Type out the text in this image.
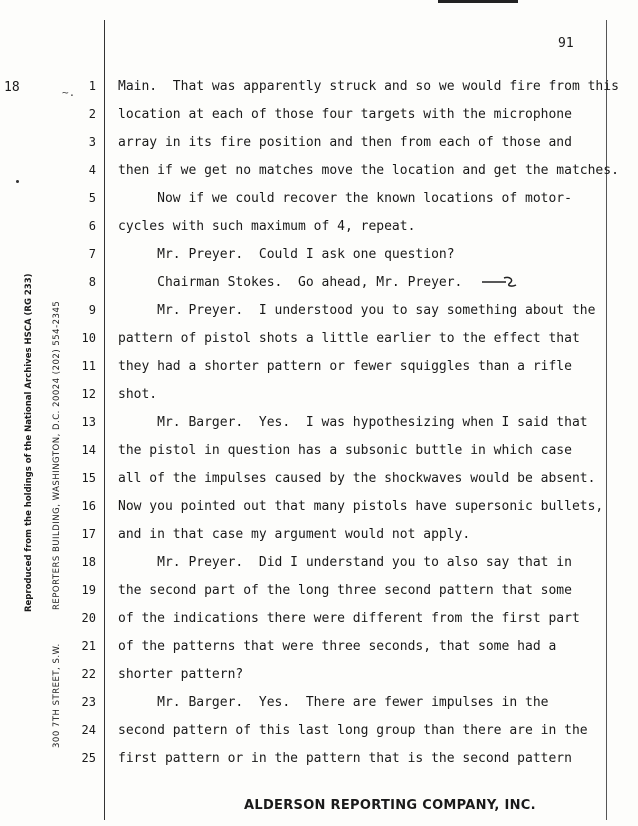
91
18	~.
Reproduced from the holdings of the National Archives HSCA (RG 233) REPORTERS BUILDING, WASHINGTON, D.C. 20024 (202) 554-2345
300 7TH STREET, S.W.
1
2
3
4
5
6
7
8
9
10
11
12
13
14
15
16
17
18
19
20
21
22
23
24
25
Main.  That was apparently struck and so we would fire from this
location at each of those four targets with the microphone
array in its fire position and then from each of those and
then if we get no matches move the location and get the matches.
Now if we could recover the known locations of motor-
cycles with such maximum of 4, repeat.
Mr. Preyer.  Could I ask one question?
Chairman Stokes.  Go ahead, Mr. Preyer.
Mr. Preyer.  I understood you to say something about the
pattern of pistol shots a little earlier to the effect that
they had a shorter pattern or fewer squiggles than a rifle
shot.
Mr. Barger.  Yes.  I was hypothesizing when I said that
the pistol in question has a subsonic buttle in which case
all of the impulses caused by the shockwaves would be absent.
Now you pointed out that many pistols have supersonic bullets,
and in that case my argument would not apply.
Mr. Preyer.  Did I understand you to also say that in
the second part of the long three second pattern that some
of the indications there were different from the first part
of the patterns that were three seconds, that some had a
shorter pattern?
Mr. Barger.  Yes.  There are fewer impulses in the
second pattern of this last long group than there are in the
first pattern or in the pattern that is the second pattern
ALDERSON REPORTING COMPANY, INC.
